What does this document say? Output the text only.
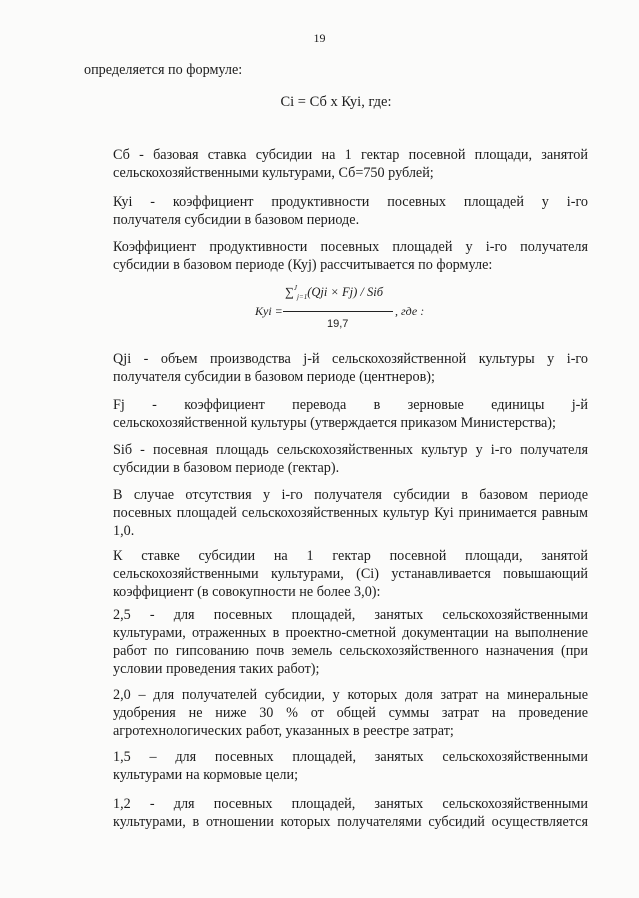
19
определяется по формуле:
Сi = Сб х Куi, где:
Сб - базовая ставка субсидии на 1 гектар посевной площади, занятой
сельскохозяйственными культурами, Сб=750 рублей;
Куi - коэффициент продуктивности посевных площадей у i-го
получателя субсидии в базовом периоде.
Коэффициент продуктивности посевных площадей у i-го получателя
субсидии в базовом периоде (Куj) рассчитывается по формуле:
Qji - объем производства j-й сельскохозяйственной культуры у i-го
получателя субсидии в базовом периоде (центнеров);
Fj - коэффициент перевода в зерновые единицы j-й
сельскохозяйственной культуры (утверждается приказом Министерства);
Siб - посевная площадь сельскохозяйственных культур у i-го получателя
субсидии в базовом периоде (гектар).
В случае отсутствия у i-го получателя субсидии в базовом периоде
посевных площадей сельскохозяйственных культур Куi принимается равным
1,0.
К ставке субсидии на 1 гектар посевной площади, занятой
сельскохозяйственными культурами, (Сi) устанавливается повышающий
коэффициент (в совокупности не более 3,0):
2,5 - для посевных площадей, занятых сельскохозяйственными
культурами, отраженных в проектно-сметной документации на выполнение
работ по гипсованию почв земель сельскохозяйственного назначения (при
условии проведения таких работ);
2,0 – для получателей субсидии, у которых доля затрат на минеральные
удобрения не ниже 30 % от общей суммы затрат на проведение
агротехнологических работ, указанных в реестре затрат;
1,5 – для посевных площадей, занятых сельскохозяйственными
культурами на кормовые цели;
1,2 - для посевных площадей, занятых сельскохозяйственными
культурами, в отношении которых получателями субсидий осуществляется
Kyi =
∑$^J_{j=1}$(Qji × Fj) / Siб
19,7
, где :
